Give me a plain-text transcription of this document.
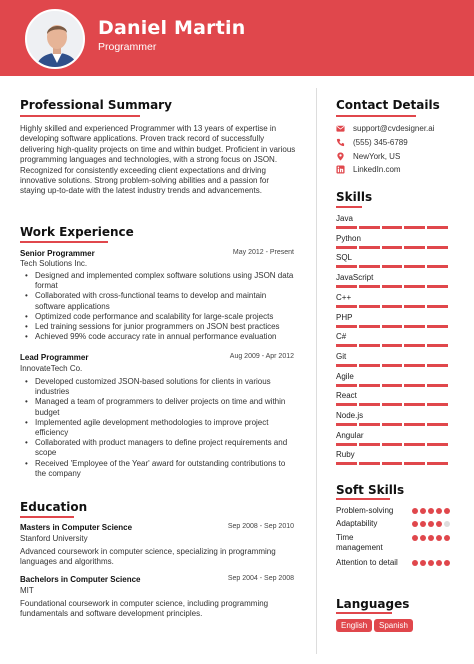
Daniel Martin
Programmer
Professional Summary
Highly skilled and experienced Programmer with 13 years of expertise in developing software applications. Proven track record of successfully delivering high-quality projects on time and within budget. Proficient in various programming languages and technologies, with a strong focus on JSON. Recognized for consistently exceeding client expectations and driving innovative solutions. Strong problem-solving abilities and a passion for staying up-to-date with the latest industry trends and advancements.
Work Experience
Senior Programmer	May 2012 - Present
Tech Solutions Inc.
• Designed and implemented complex software solutions using JSON data format
• Collaborated with cross-functional teams to develop and maintain software applications
• Optimized code performance and scalability for large-scale projects
• Led training sessions for junior programmers on JSON best practices
• Achieved 99% code accuracy rate in annual performance evaluation
Lead Programmer	Aug 2009 - Apr 2012
InnovateTech Co.
• Developed customized JSON-based solutions for clients in various industries
• Managed a team of programmers to deliver projects on time and within budget
• Implemented agile development methodologies to improve project efficiency
• Collaborated with product managers to define project requirements and scope
• Received 'Employee of the Year' award for outstanding contributions to the company
Education
Masters in Computer Science	Sep 2008 - Sep 2010
Stanford University
Advanced coursework in computer science, specializing in programming languages and algorithms.
Bachelors in Computer Science	Sep 2004 - Sep 2008
MIT
Foundational coursework in computer science, including programming fundamentals and software development principles.
Contact Details
support@cvdesigner.ai
(555) 345-6789
NewYork, US
LinkedIn.com
Skills
Java
Python
SQL
JavaScript
C++
PHP
C#
Git
Agile
React
Node.js
Angular
Ruby
Soft Skills
Problem-solving
Adaptability
Time management
Attention to detail
Languages
English	Spanish
